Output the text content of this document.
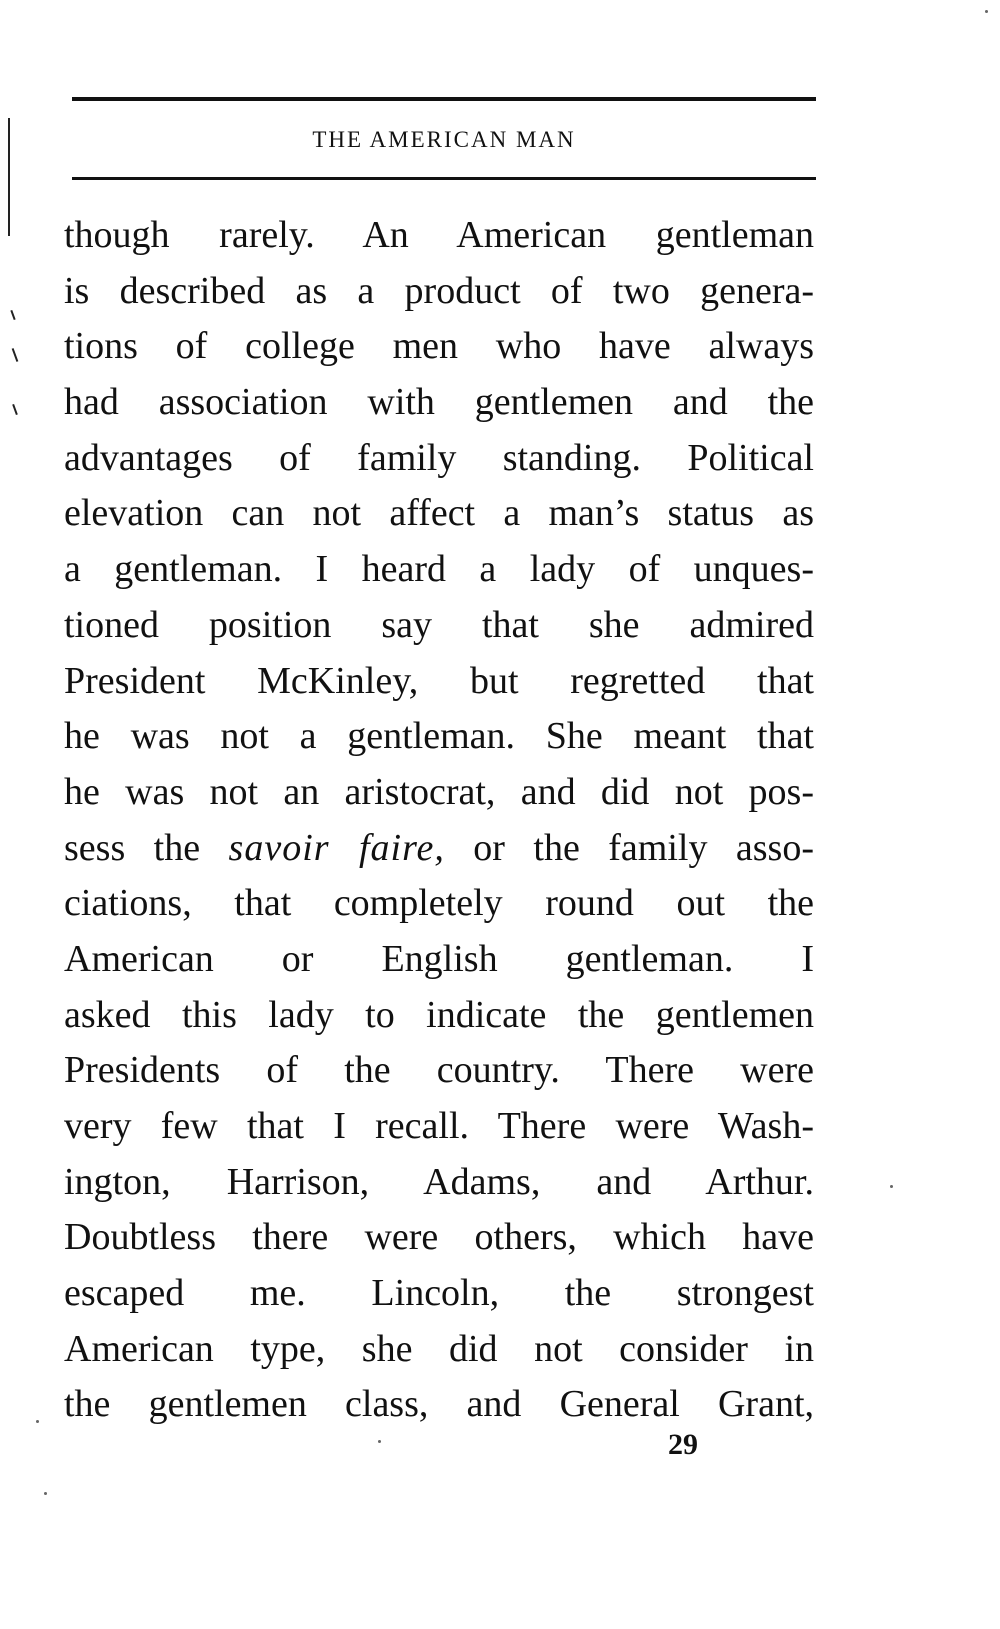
THE AMERICAN MAN
though rarely. An American gentleman
is described as a product of two genera-
tions of college men who have always
had association with gentlemen and the
advantages of family standing. Political
elevation can not affect a man’s status as
a gentleman. I heard a lady of unques-
tioned position say that she admired
President McKinley, but regretted that
he was not a gentleman. She meant that
he was not an aristocrat, and did not pos-
sess the savoir faire, or the family asso-
ciations, that completely round out the
American or English gentleman. I
asked this lady to indicate the gentlemen
Presidents of the country. There were
very few that I recall. There were Wash-
ington, Harrison, Adams, and Arthur.
Doubtless there were others, which have
escaped me. Lincoln, the strongest
American type, she did not consider in
the gentlemen class, and General Grant,
29
